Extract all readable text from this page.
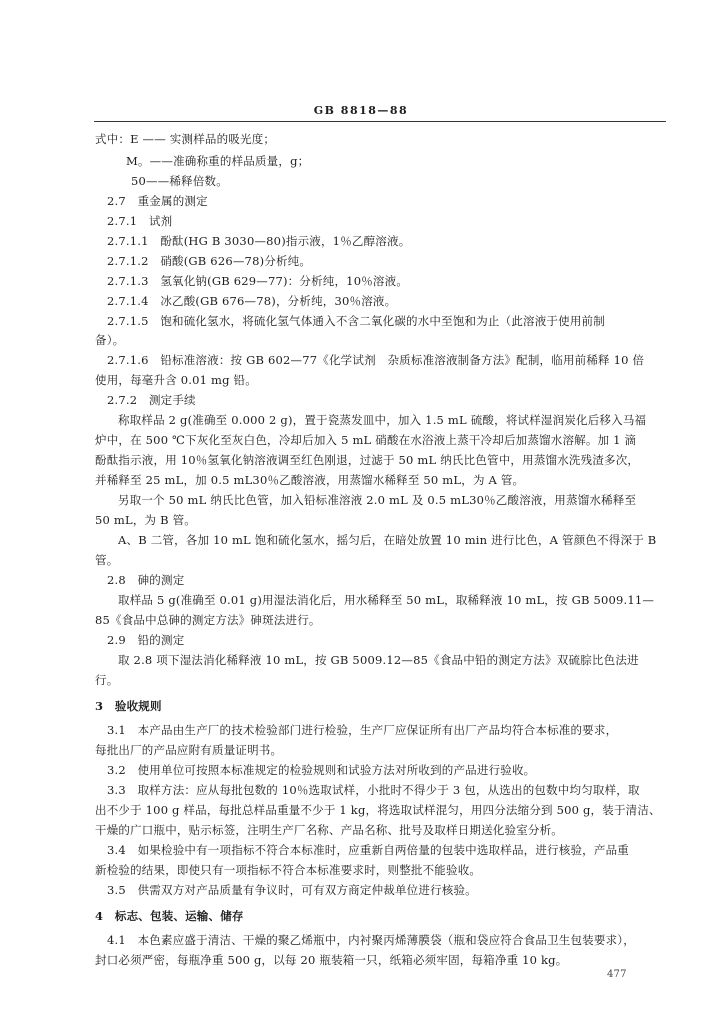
GB 8818—88
式中：E —— 实测样品的吸光度；
M。——准确称重的样品质量，g；
50——稀释倍数。
2.7　重金属的测定
2.7.1　试剂
2.7.1.1　酚酞(HG B 3030—80)指示液，1％乙醇溶液。
2.7.1.2　硝酸(GB 626—78)分析纯。
2.7.1.3　氢氧化钠(GB 629—77)：分析纯，10％溶液。
2.7.1.4　冰乙酸(GB 676—78)，分析纯，30％溶液。
2.7.1.5　饱和硫化氢水，将硫化氢气体通入不含二氧化碳的水中至饱和为止（此溶液于使用前制
备）。
2.7.1.6　铅标准溶液：按 GB 602—77《化学试剂　杂质标准溶液制备方法》配制，临用前稀释 10 倍
使用，每毫升含 0.01 mg 铅。
2.7.2　测定手续
称取样品 2 g(准确至 0.000 2 g)，置于瓷蒸发皿中，加入 1.5 mL 硫酸，将试样湿润炭化后移入马福
炉中，在 500 ℃下灰化至灰白色，冷却后加入 5 mL 硝酸在水浴液上蒸干冷却后加蒸馏水溶解。加 1 滴
酚酞指示液，用 10％氢氧化钠溶液调至红色刚退，过滤于 50 mL 纳氏比色管中，用蒸馏水洗残渣多次，
并稀释至 25 mL，加 0.5 mL30％乙酸溶液，用蒸馏水稀释至 50 mL，为 A 管。
另取一个 50 mL 纳氏比色管，加入铅标准溶液 2.0 mL 及 0.5 mL30％乙酸溶液，用蒸馏水稀释至
50 mL，为 B 管。
A、B 二管，各加 10 mL 饱和硫化氢水，摇匀后，在暗处放置 10 min 进行比色，A 管颜色不得深于 B
管。
2.8　砷的测定
取样品 5 g(准确至 0.01 g)用湿法消化后，用水稀释至 50 mL，取稀释液 10 mL，按 GB 5009.11—
85《食品中总砷的测定方法》砷斑法进行。
2.9　铅的测定
取 2.8 项下湿法消化稀释液 10 mL，按 GB 5009.12—85《食品中铅的测定方法》双硫腙比色法进
行。
3　验收规则
3.1　本产品由生产厂的技术检验部门进行检验，生产厂应保证所有出厂产品均符合本标准的要求，
每批出厂的产品应附有质量证明书。
3.2　使用单位可按照本标准规定的检验规则和试验方法对所收到的产品进行验收。
3.3　取样方法：应从每批包数的 10％选取试样，小批时不得少于 3 包，从选出的包数中均匀取样，取
出不少于 100 g 样品，每批总样品重量不少于 1 kg，将选取试样混匀，用四分法缩分到 500 g，装于清洁、
干燥的广口瓶中，贴示标签，注明生产厂名称、产品名称、批号及取样日期送化验室分析。
3.4　如果检验中有一项指标不符合本标准时，应重新自两倍量的包装中选取样品，进行核验，产品重
新检验的结果，即使只有一项指标不符合本标准要求时，则整批不能验收。
3.5　供需双方对产品质量有争议时，可有双方商定仲裁单位进行核验。
4　标志、包装、运输、储存
4.1　本色素应盛于清洁、干燥的聚乙烯瓶中，内衬聚丙烯薄膜袋（瓶和袋应符合食品卫生包装要求），
封口必须严密，每瓶净重 500 g，以每 20 瓶装箱一只，纸箱必须牢固，每箱净重 10 kg。
477
